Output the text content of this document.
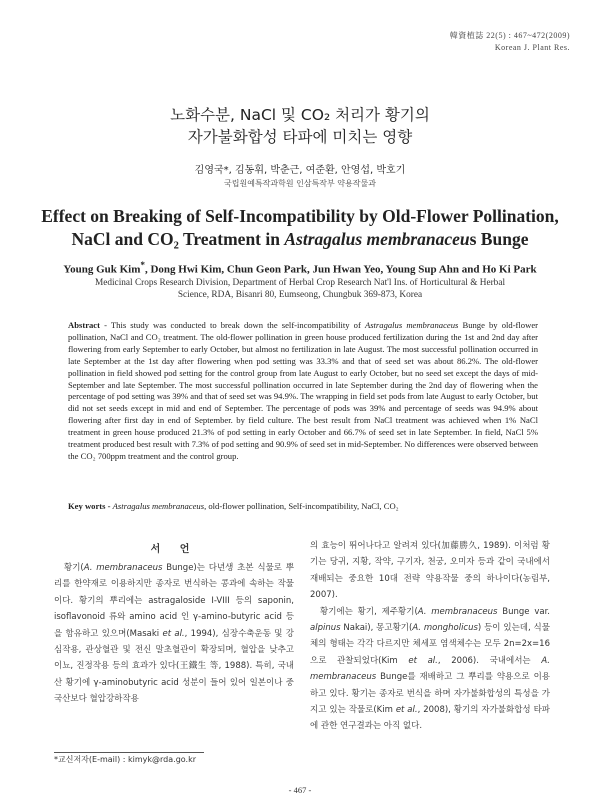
韓資植誌 22(5) : 467~472(2009)
Korean J. Plant Res.
노화수분, NaCl 및 CO₂ 처리가 황기의
자가불화합성 타파에 미치는 영향
김영국*, 김동휘, 박춘근, 여준환, 안영섭, 박호기
국립원예특작과학원 인삼특작부 약용작물과
Effect on Breaking of Self-Incompatibility by Old-Flower Pollination,
NaCl and CO₂ Treatment in Astragalus membranaceus Bunge
Young Guk Kim*, Dong Hwi Kim, Chun Geon Park, Jun Hwan Yeo, Young Sup Ahn and Ho Ki Park
Medicinal Crops Research Division, Department of Herbal Crop Research Nat'l Ins. of Horticultural & Herbal
Science, RDA, Bisanri 80, Eumseong, Chungbuk 369-873, Korea
Abstract - This study was conducted to break down the self-incompatibility of Astragalus membranaceus Bunge by old-flower pollination, NaCl and CO₂ treatment. The old-flower pollination in green house produced fertilization during the 1st and 2nd day after flowering from early September to early October, but almost no fertilization in late August. The most successful pollination occurred in late September at the 1st day after flowering when pod setting was 33.3% and that of seed set was about 86.2%. The old-flower pollination in field showed pod setting for the control group from late August to early October, but no seed set except the days of mid-September and late September. The most successful pollination occurred in late September during the 2nd day of flowering when the percentage of pod setting was 39% and that of seed set was 94.9%. The wrapping in field set pods from late August to early October, but did not set seeds except in mid and end of September. The percentage of pods was 39% and percentage of seeds was 94.9% about flowering after first day in end of September. by field culture. The best result from NaCl treatment was achieved when 1% NaCl treatment in green house produced 21.3% of pod setting in early October and 66.7% of seed set in late September. In field, NaCl 5% treatment produced best result with 7.3% of pod setting and 90.9% of seed set in mid-September. No differences were observed between the CO₂ 700ppm treatment and the control group.
Key worts - Astragalus membranaceus, old-flower pollination, Self-incompatibility, NaCl, CO₂
서 언
황기(A. membranaceus Bunge)는 다년생 초본 식물로 뿌리를 한약재로 이용하지만 종자로 번식하는 콩과에 속하는 작물이다. 황기의 뿌리에는 astragaloside I-VIII 등의 saponin, isoflavonoid 류와 amino acid 인 γ-amino-butyric acid 등을 함유하고 있으며(Masaki et al., 1994), 심장수축운동 및 강심작용, 관상혈관 및 전신 말초혈관이 확장되며, 혈압을 낮추고 이뇨, 진정작용 등의 효과가 있다(王鐵生 等, 1988). 특히, 국내산 황기에 γ-aminobutyric acid 성분이 들어 있어 일본이나 중국산보다 혈압강하작용
의 효능이 뛰어나다고 알려져 있다(加藤勝久, 1989). 이처럼 황기는 당귀, 지황, 작약, 구기자, 천궁, 오미자 등과 같이 국내에서 재배되는 중요한 10대 전략 약용작물 중의 하나이다(농림부, 2007).
황기에는 황기, 제주황기(A. membranaceus Bunge var. alpinus Nakai), 몽고황기(A. mongholicus) 등이 있는데, 식물체의 형태는 각각 다르지만 체세포 염색체수는 모두 2n=2x=16으로 관찰되었다(Kim et al., 2006). 국내에서는 A. membranaceus Bunge를 재배하고 그 뿌리를 약용으로 이용하고 있다. 황기는 종자로 번식을 하며 자가불화합성의 특성을 가지고 있는 작물로(Kim et al., 2008), 황기의 자가불화합성 타파에 관한 연구결과는 아직 없다.
*교신저자(E-mail) : kimyk@rda.go.kr
- 467 -
